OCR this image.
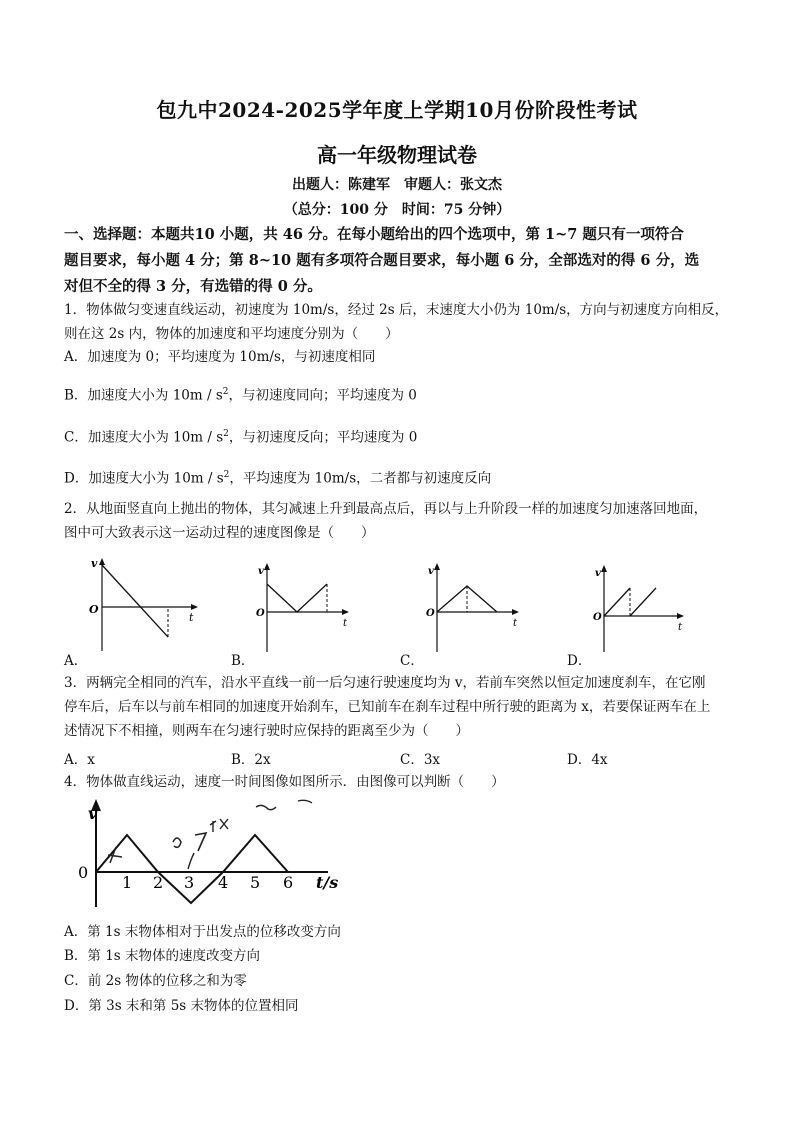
包九中2024-2025学年度上学期10月份阶段性考试
高一年级物理试卷
出题人：陈建军　审题人：张文杰
（总分：100 分　时间：75 分钟）
一、选择题：本题共10 小题，共 46 分。在每小题给出的四个选项中，第 1~7 题只有一项符合
题目要求，每小题 4 分；第 8~10 题有多项符合题目要求，每小题 6 分，全部选对的得 6 分，选
对但不全的得 3 分，有选错的得 0 分。
1．物体做匀变速直线运动，初速度为 10m/s，经过 2s 后，末速度大小仍为 10m/s，方向与初速度方向相反，
则在这 2s 内，物体的加速度和平均速度分别为（　　）
A．加速度为 0；平均速度为 10m/s，与初速度相同
B．加速度大小为 $10m / s^2$，与初速度同向；平均速度为 0
C．加速度大小为 $10m / s^2$，与初速度反向；平均速度为 0
D．加速度大小为 $10m / s^2$，平均速度为 10m/s，二者都与初速度反向
2．从地面竖直向上抛出的物体，其匀减速上升到最高点后，再以与上升阶段一样的加速度匀加速落回地面，
图中可大致表示这一运动过程的速度图像是（　　）
v
O
t
v
O
t
v
O
t
v
O
t
A．	B．	C．	D．
3．两辆完全相同的汽车，沿水平直线一前一后匀速行驶速度均为 v，若前车突然以恒定加速度刹车，在它刚
停车后，后车以与前车相同的加速度开始刹车，已知前车在刹车过程中所行驶的距离为 x，若要保证两车在上
述情况下不相撞，则两车在匀速行驶时应保持的距离至少为（　　）
A．x	B．2x	C．3x	D．4x
4．物体做直线运动，速度一时间图像如图所示．由图像可以判断（　　）
v
0
1 2 3 4 5 6 t/s
A．第 1s 末物体相对于出发点的位移改变方向
B．第 1s 末物体的速度改变方向
C．前 2s 物体的位移之和为零
D．第 3s 末和第 5s 末物体的位置相同
